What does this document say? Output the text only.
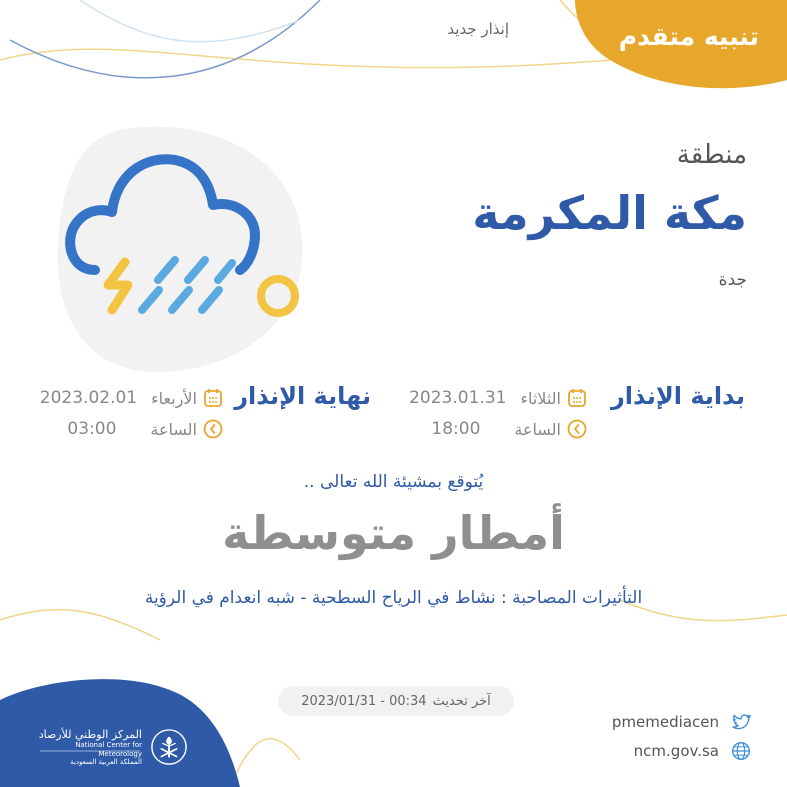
تنبيه متقدم
إنذار جديد
منطقة
مكة المكرمة
جدة
بداية الإنذار
2023.01.31 الثلاثاء
18:00 الساعة
نهاية الإنذار
2023.02.01 الأربعاء
03:00 الساعة
يُتوقع بمشيئة الله تعالى ..
أمطار متوسطة
التأثيرات المصاحبة : نشاط في الرياح السطحية - شبه انعدام في الرؤية
آخر تحديث
2023/01/31 - 00:34
pmemediacen
ncm.gov.sa
المركز الوطني للأرصاد
National Center for Meteorology
المملكة العربية السعودية
